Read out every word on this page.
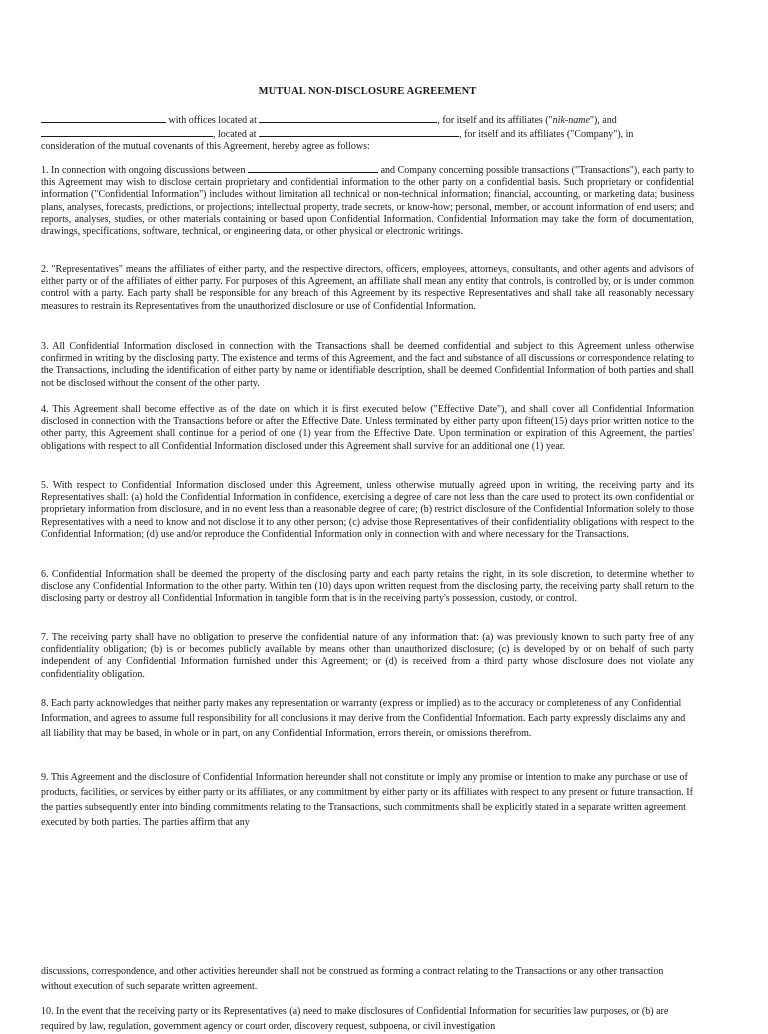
MUTUAL NON-DISCLOSURE AGREEMENT

with offices located at	, for itself and its affiliates ("nik-name"), and
, located at	, for itself and its affiliates ("Company"), in
consideration of the mutual covenants of this Agreement, hereby agree as follows:

1. In connection with ongoing discussions between	and Company concerning possible transactions ("Transactions"), each party to this Agreement may wish to disclose certain proprietary and confidential information to the other party on a confidential basis. Such proprietary or confidential information ("Confidential Information") includes without limitation all technical or non-technical information; financial, accounting, or marketing data; business plans, analyses, forecasts, predictions, or projections; intellectual property, trade secrets, or know-how; personal, member, or account information of end users; and reports, analyses, studies, or other materials containing or based upon Confidential Information. Confidential Information may take the form of documentation, drawings, specifications, software, technical, or engineering data, or other physical or electronic writings.

2. "Representatives" means the affiliates of either party, and the respective directors, officers, employees, attorneys, consultants, and other agents and advisors of either party or of the affiliates of either party. For purposes of this Agreement, an affiliate shall mean any entity that controls, is controlled by, or is under common control with a party. Each party shall be responsible for any breach of this Agreement by its respective Representatives and shall take all reasonably necessary measures to restrain its Representatives from the unauthorized disclosure or use of Confidential Information.

3. All Confidential Information disclosed in connection with the Transactions shall be deemed confidential and subject to this Agreement unless otherwise confirmed in writing by the disclosing party. The existence and terms of this Agreement, and the fact and substance of all discussions or correspondence relating to the Transactions, including the identification of either party by name or identifiable description, shall be deemed Confidential Information of both parties and shall not be disclosed without the consent of the other party.

4. This Agreement shall become effective as of the date on which it is first executed below ("Effective Date"), and shall cover all Confidential Information disclosed in connection with the Transactions before or after the Effective Date. Unless terminated by either party upon fifteen(15) days prior written notice to the other party, this Agreement shall continue for a period of one (1) year from the Effective Date. Upon termination or expiration of this Agreement, the parties' obligations with respect to all Confidential Information disclosed under this Agreement shall survive for an additional one (1) year.

5. With respect to Confidential Information disclosed under this Agreement, unless otherwise mutually agreed upon in writing, the receiving party and its Representatives shall: (a) hold the Confidential Information in confidence, exercising a degree of care not less than the care used to protect its own confidential or proprietary information from disclosure, and in no event less than a reasonable degree of care; (b) restrict disclosure of the Confidential Information solely to those Representatives with a need to know and not disclose it to any other person; (c) advise those Representatives of their confidentiality obligations with respect to the Confidential Information; (d) use and/or reproduce the Confidential Information only in connection with and where necessary for the Transactions.

6. Confidential Information shall be deemed the property of the disclosing party and each party retains the right, in its sole discretion, to determine whether to disclose any Confidential Information to the other party. Within ten (10) days upon written request from the disclosing party, the receiving party shall return to the disclosing party or destroy all Confidential Information in tangible form that is in the receiving party's possession, custody, or control.

7. The receiving party shall have no obligation to preserve the confidential nature of any information that: (a) was previously known to such party free of any confidentiality obligation; (b) is or becomes publicly available by means other than unauthorized disclosure; (c) is developed by or on behalf of such party independent of any Confidential Information furnished under this Agreement; or (d) is received from a third party whose disclosure does not violate any confidentiality obligation.

8. Each party acknowledges that neither party makes any representation or warranty (express or implied) as to the accuracy or completeness of any Confidential Information, and agrees to assume full responsibility for all conclusions it may derive from the Confidential Information. Each party expressly disclaims any and all liability that may be based, in whole or in part, on any Confidential Information, errors therein, or omissions therefrom.

9. This Agreement and the disclosure of Confidential Information hereunder shall not constitute or imply any promise or intention to make any purchase or use of products, facilities, or services by either party or its affiliates, or any commitment by either party or its affiliates with respect to any present or future transaction. If the parties subsequently enter into binding commitments relating to the Transactions, such commitments shall be explicitly stated in a separate written agreement executed by both parties. The parties affirm that any

discussions, correspondence, and other activities hereunder shall not be construed as forming a contract relating to the Transactions or any other transaction without execution of such separate written agreement.

10. In the event that the receiving party or its Representatives (a) need to make disclosures of Confidential Information for securities law purposes, or (b) are required by law, regulation, government agency or court order, discovery request, subpoena, or civil investigation
